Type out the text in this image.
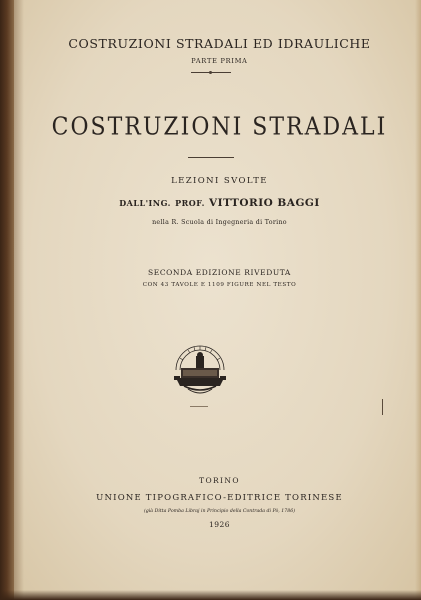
COSTRUZIONI STRADALI ED IDRAULICHE
PARTE PRIMA
COSTRUZIONI STRADALI
LEZIONI SVOLTE
DALL'ING. PROF. VITTORIO BAGGI
nella R. Scuola di Ingegneria di Torino
SECONDA EDIZIONE RIVEDUTA
CON 43 TAVOLE E 1109 FIGURE NEL TESTO
TORINO
UNIONE TIPOGRAFICO-EDITRICE TORINESE
(già Ditta Pomba Libraj in Principio della Contrada di Pò, 1786)
1926
